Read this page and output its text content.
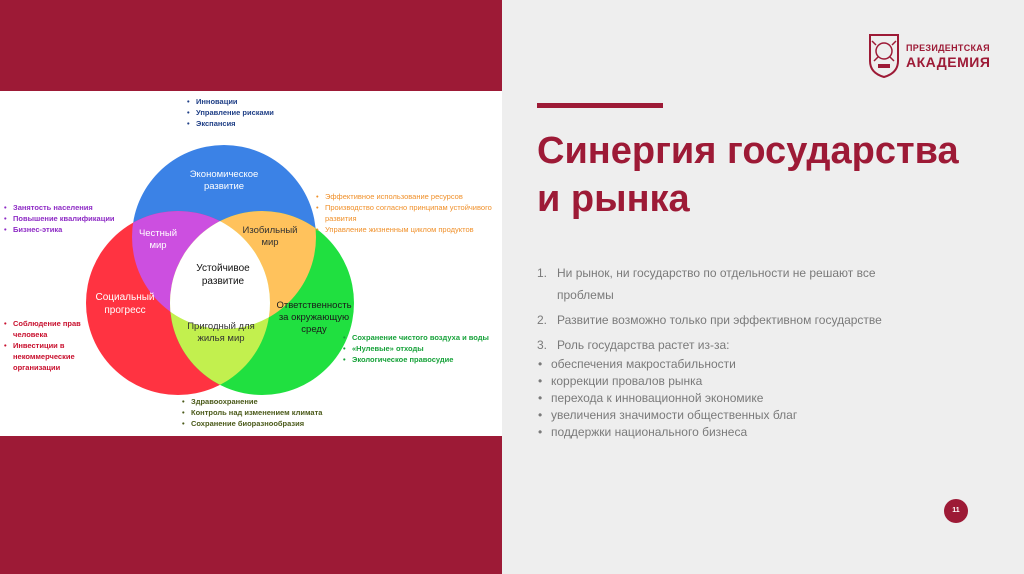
Экономическое
развитие
Социальный
прогресс	Ответственность
за окружающую
среду
Честный
мир
Изобильный
мир
Пригодный для
жилья мир
Устойчивое
развитие
• Инновации
• Управление рисками
• Экспансия
• Занятость населения
• Повышение квалификации
• Бизнес-этика
• Эффективное использование ресурсов
• Производство согласно принципам устойчивого развития
• Управление жизненным циклом продуктов
• Соблюдение прав человека
• Инвестиции в некоммерческие организации
• Сохранение чистого воздуха и воды
• «Нулевые» отходы
• Экологическое правосудие
• Здравоохранение
• Контроль над изменением климата
• Сохранение биоразнообразия
ПРЕЗИДЕНТСКАЯ
АКАДЕМИЯ
Синергия государства
и рынка
1. Ни рынок, ни государство по отдельности не решают все проблемы
2. Развитие возможно только при эффективном государстве
3. Роль государства растет из-за:
• обеспечения макростабильности
• коррекции провалов рынка
• перехода к инновационной экономике
• увеличения значимости общественных благ
• поддержки национального бизнеса
11
